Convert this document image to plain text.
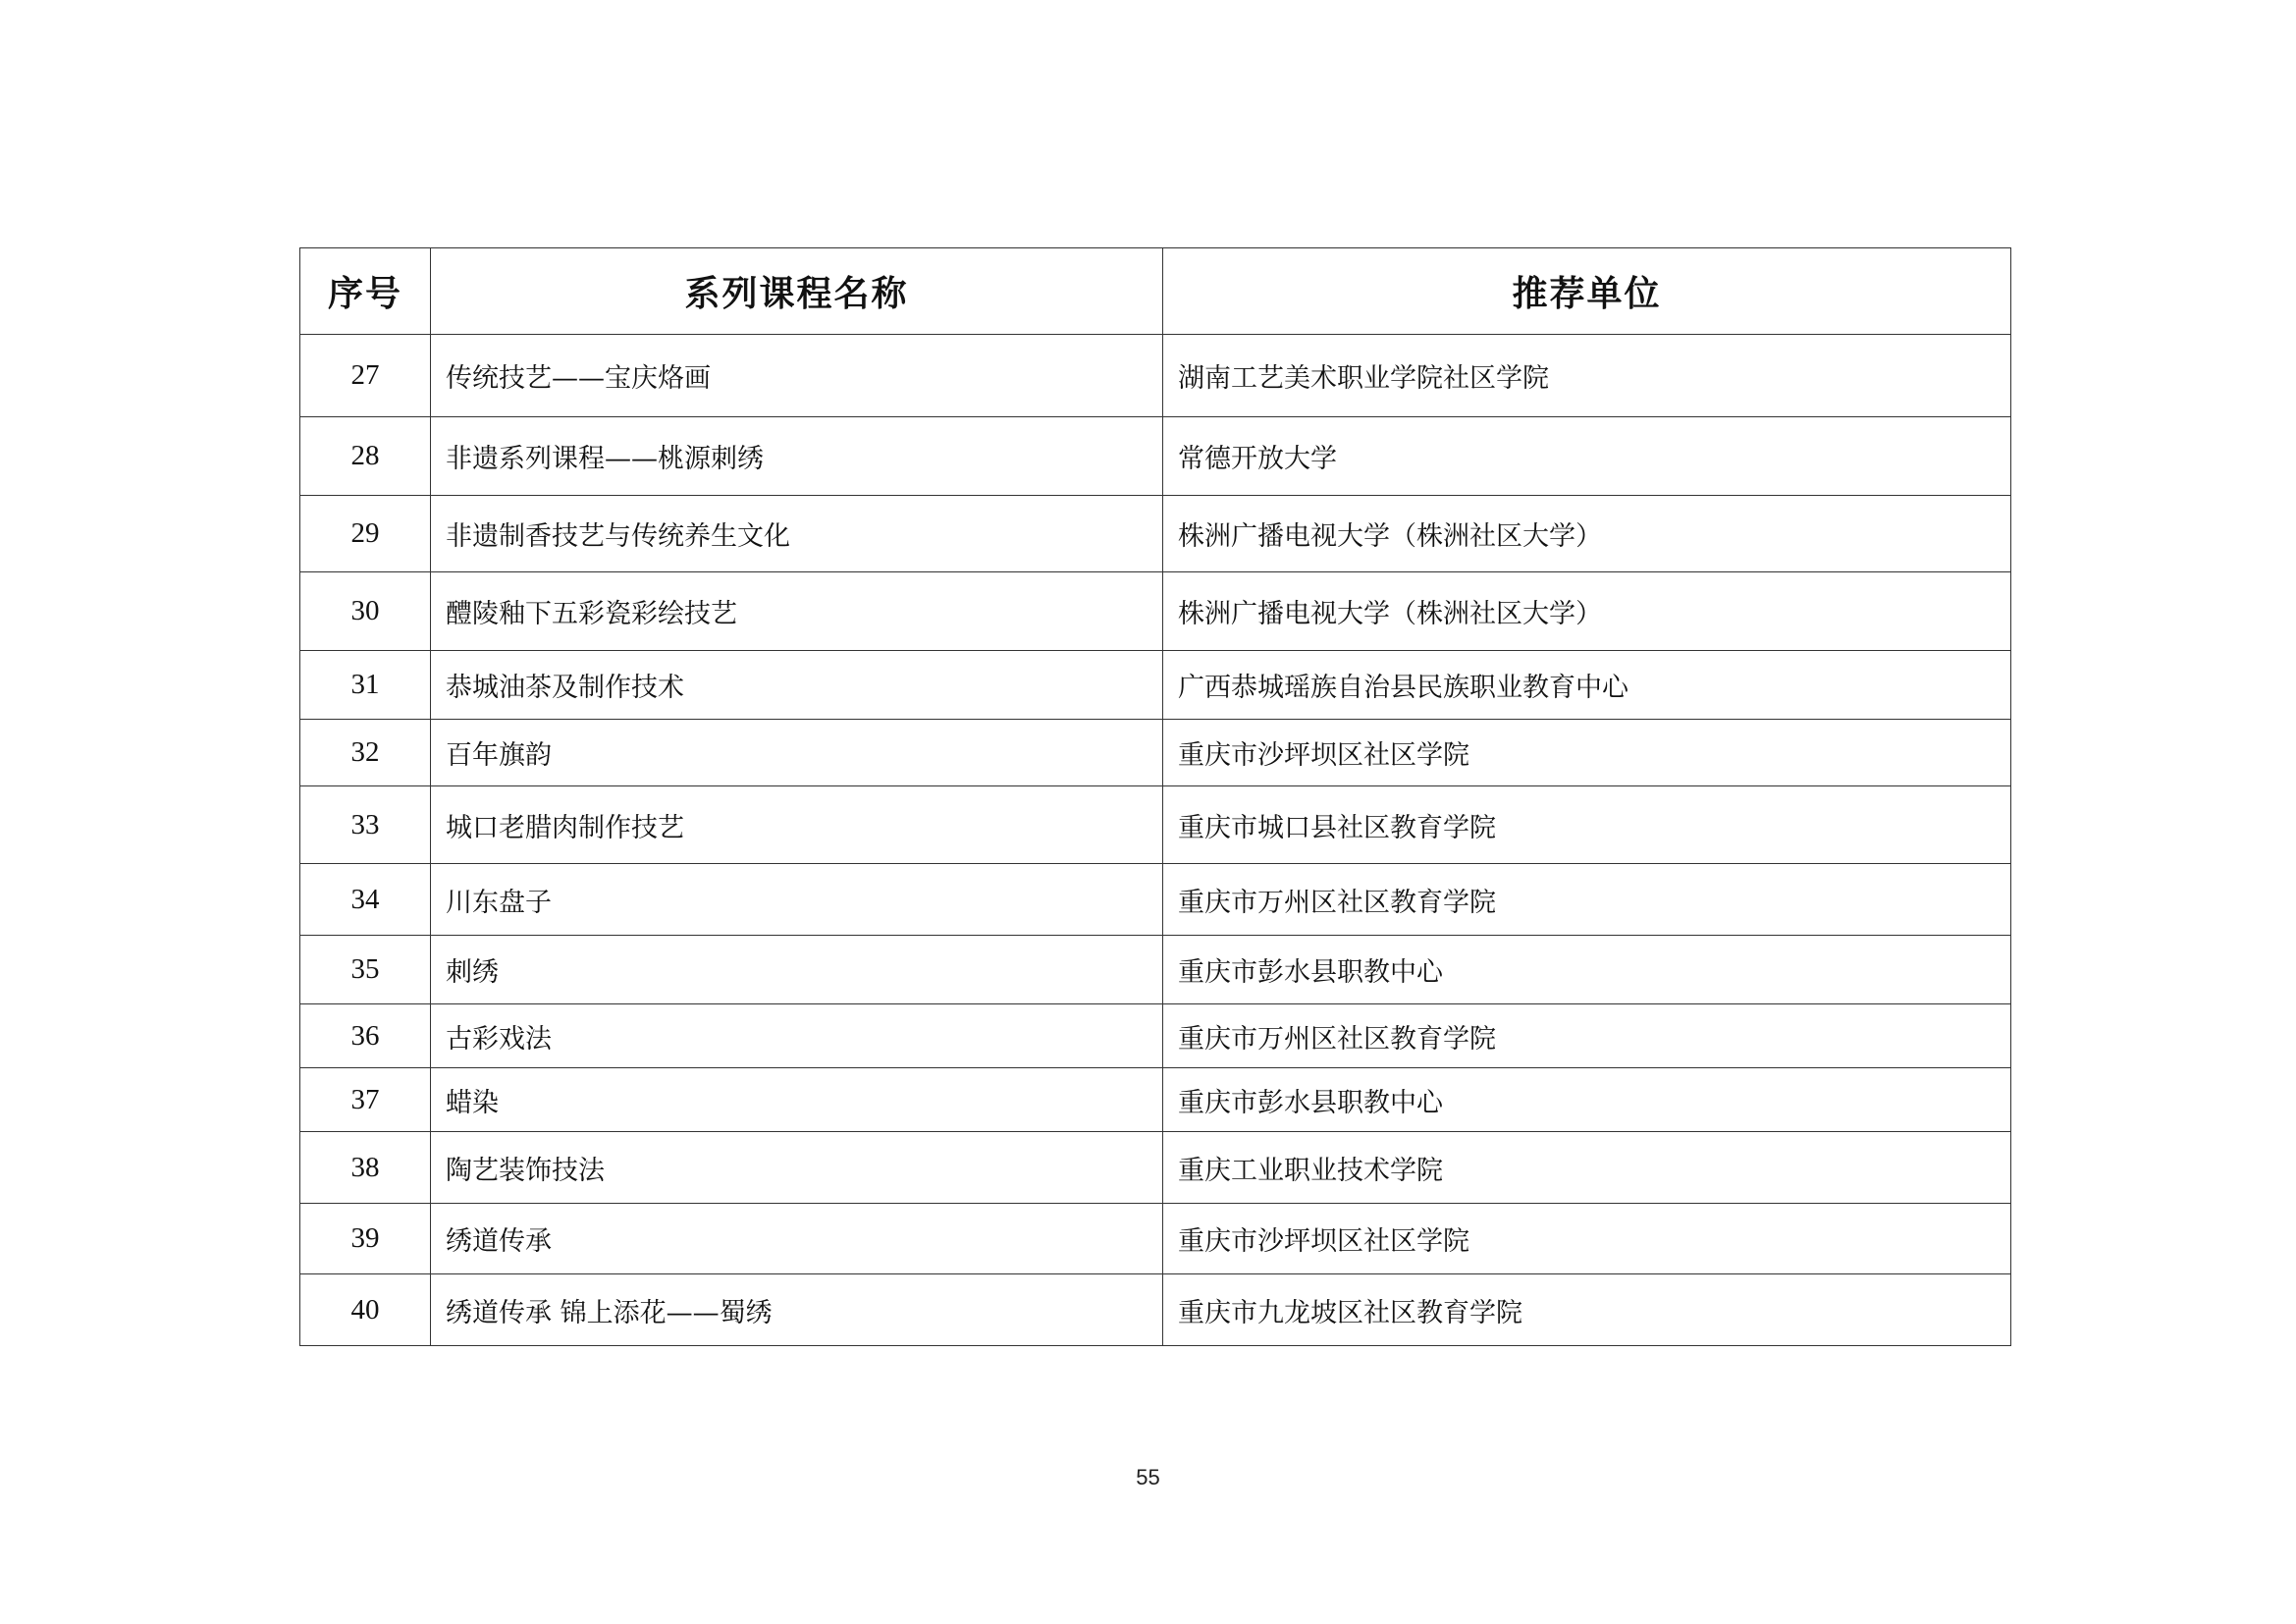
序号	系列课程名称	推荐单位
27	传统技艺——宝庆烙画	湖南工艺美术职业学院社区学院
28	非遗系列课程——桃源刺绣	常德开放大学
29	非遗制香技艺与传统养生文化	株洲广播电视大学（株洲社区大学）
30	醴陵釉下五彩瓷彩绘技艺	株洲广播电视大学（株洲社区大学）
31	恭城油茶及制作技术	广西恭城瑶族自治县民族职业教育中心
32	百年旗韵	重庆市沙坪坝区社区学院
33	城口老腊肉制作技艺	重庆市城口县社区教育学院
34	川东盘子	重庆市万州区社区教育学院
35	刺绣	重庆市彭水县职教中心
36	古彩戏法	重庆市万州区社区教育学院
37	蜡染	重庆市彭水县职教中心
38	陶艺装饰技法	重庆工业职业技术学院
39	绣道传承	重庆市沙坪坝区社区学院
40	绣道传承 锦上添花——蜀绣	重庆市九龙坡区社区教育学院
55
